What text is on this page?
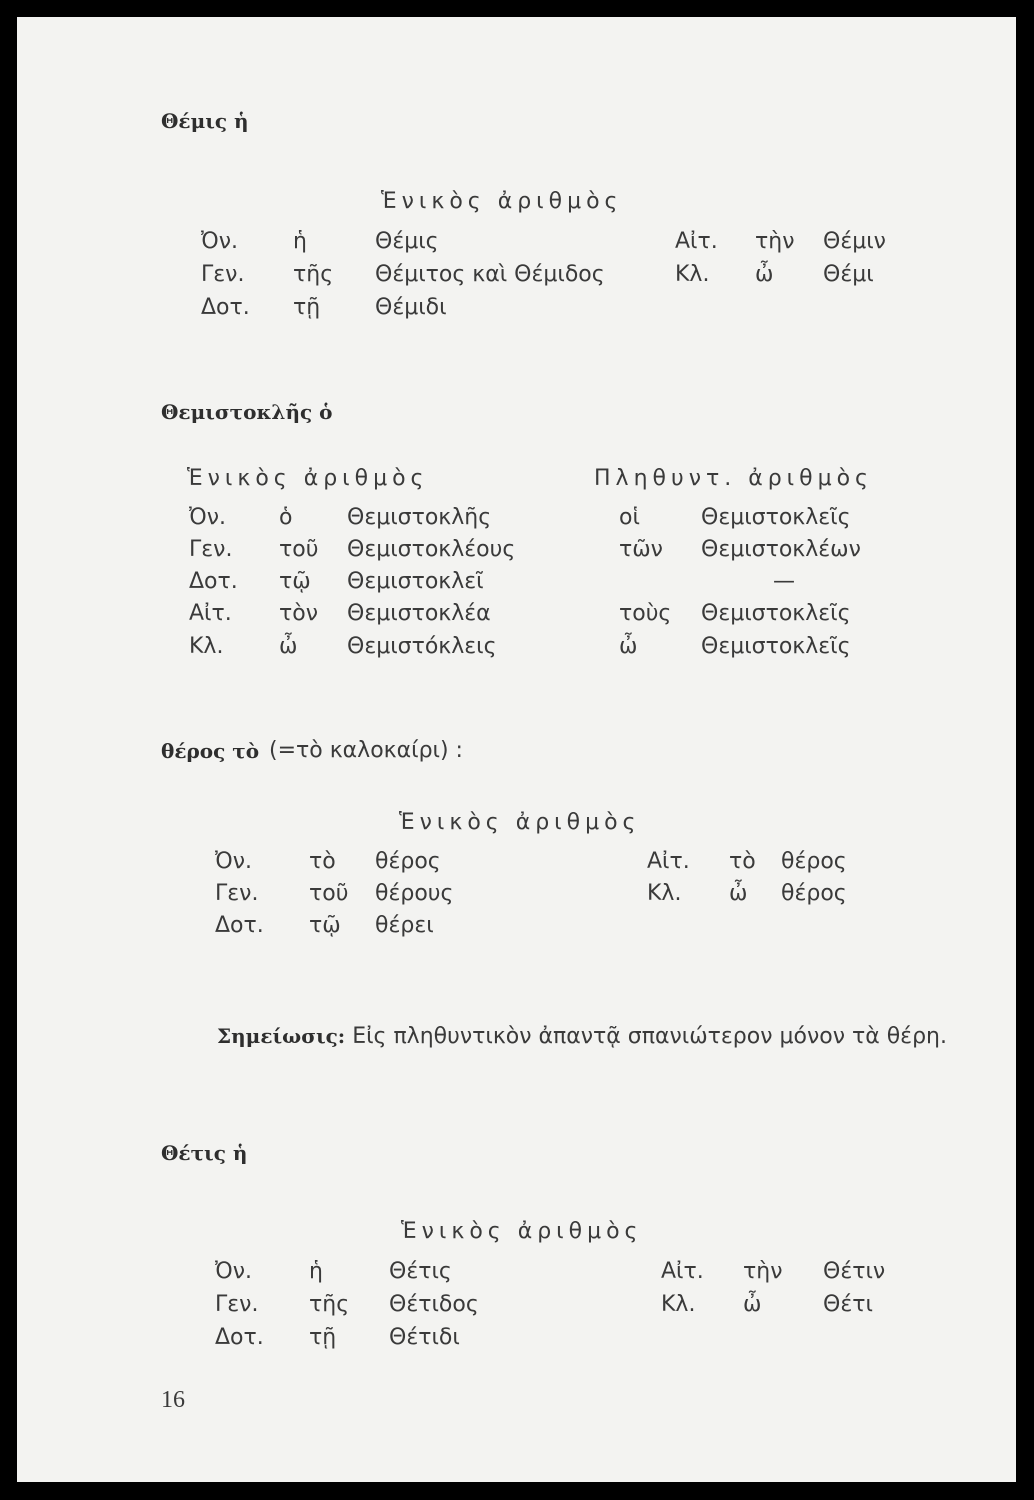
Θέμις ἡ
Ἑνικὸς ἀριθμὸς
Ὀν.	ἡ	Θέμις	Αἰτ. τὴν Θέμιν
Γεν. τῆς Θέμιτος καὶ Θέμιδος	Κλ. ὦ Θέμι
Δοτ. τῇ Θέμιδι
Θεμιστοκλῆς ὁ
Ἑνικὸς ἀριθμὸς	Πληθυντ. ἀριθμὸς
Ὀν. ὁ Θεμιστοκλῆς	οἱ	Θεμιστοκλεῖς
Γεν. τοῦ Θεμιστοκλέους	τῶν Θεμιστοκλέων
Δοτ. τῷ Θεμιστοκλεῖ	—
Αἰτ. τὸν Θεμιστοκλέα	τοὺς Θεμιστοκλεῖς
Κλ.	ὦ Θεμιστόκλεις	ὦ	Θεμιστοκλεῖς
θέρος τὸ (=τὸ καλοκαίρι) :
Ἑνικὸς ἀριθμὸς
Ὀν.	τὸ θέρος	Αἰτ. τὸ θέρος
Γεν. τοῦ θέρους	Κλ. ὦ θέρος
Δοτ. τῷ θέρει
Σημείωσις: Εἰς πληθυντικὸν ἀπαντᾷ σπανιώτερον μόνον τὰ θέρη.
Θέτις ἡ
Ἑνικὸς ἀριθμὸς
Ὀν.	ἡ	Θέτις	Αἰτ. τὴν Θέτιν
Γεν. τῆς Θέτιδος	Κλ. ὦ	Θέτι
Δοτ. τῇ Θέτιδι
16
